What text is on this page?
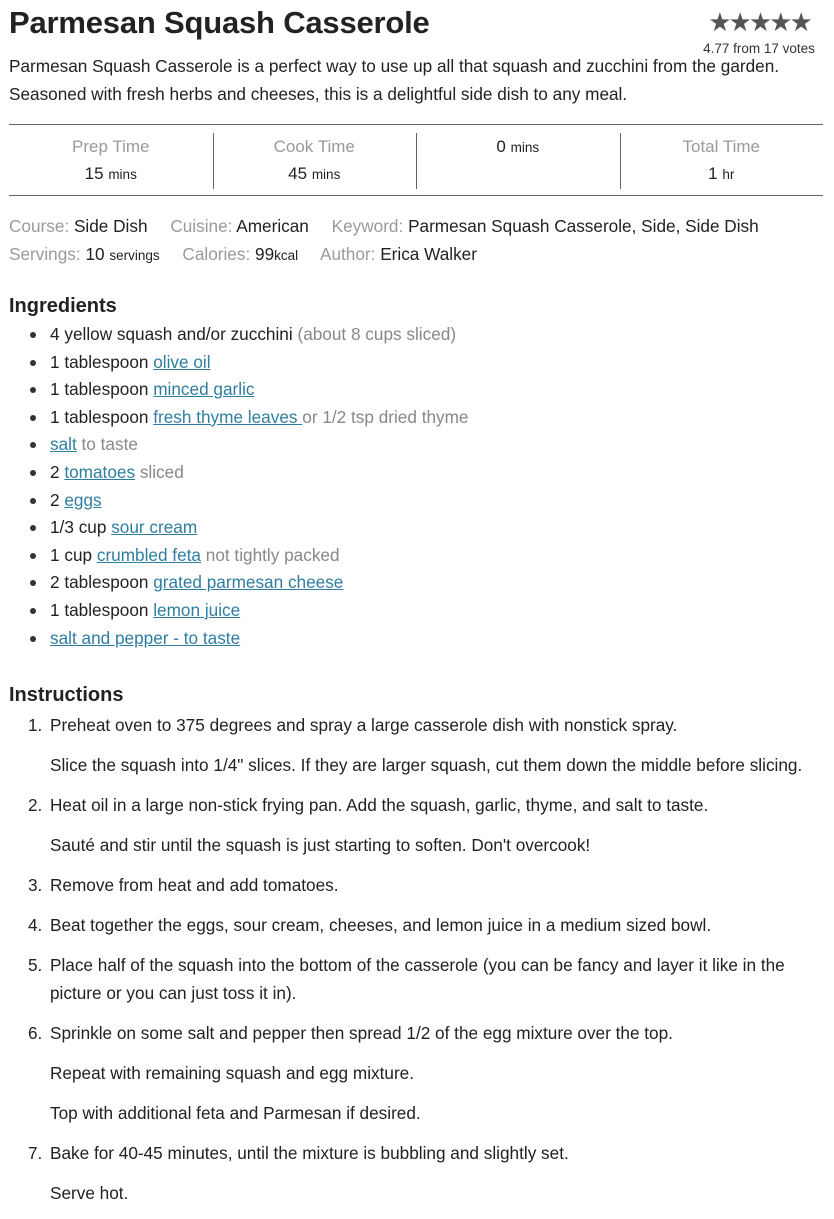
Parmesan Squash Casserole	★★★★★
4.77 from 17 votes
Parmesan Squash Casserole is a perfect way to use up all that squash and zucchini from the garden. Seasoned with fresh herbs and cheeses, this is a delightful side dish to any meal.
Prep Time
15 mins
Cook Time
45 mins
0 mins	Total Time
1 hr
Course: Side Dish Cuisine: American Keyword: Parmesan Squash Casserole, Side, Side Dish
Servings: 10 servings Calories: 99kcal Author: Erica Walker
Ingredients
4 yellow squash and/or zucchini (about 8 cups sliced)
1 tablespoon olive oil
1 tablespoon minced garlic
1 tablespoon fresh thyme leaves or 1/2 tsp dried thyme
salt to taste
2 tomatoes sliced
2 eggs
1/3 cup sour cream
1 cup crumbled feta not tightly packed
2 tablespoon grated parmesan cheese
1 tablespoon lemon juice
salt and pepper - to taste
Instructions
1. Preheat oven to 375 degrees and spray a large casserole dish with nonstick spray.

Slice the squash into 1/4" slices. If they are larger squash, cut them down the middle before slicing.

2. Heat oil in a large non-stick frying pan. Add the squash, garlic, thyme, and salt to taste.

Sauté and stir until the squash is just starting to soften. Don't overcook!

3. Remove from heat and add tomatoes.

4. Beat together the eggs, sour cream, cheeses, and lemon juice in a medium sized bowl.

5. Place half of the squash into the bottom of the casserole (you can be fancy and layer it like in the picture or you can just toss it in).

6. Sprinkle on some salt and pepper then spread 1/2 of the egg mixture over the top.

Repeat with remaining squash and egg mixture.

Top with additional feta and Parmesan if desired.

7. Bake for 40-45 minutes, until the mixture is bubbling and slightly set.

Serve hot.
